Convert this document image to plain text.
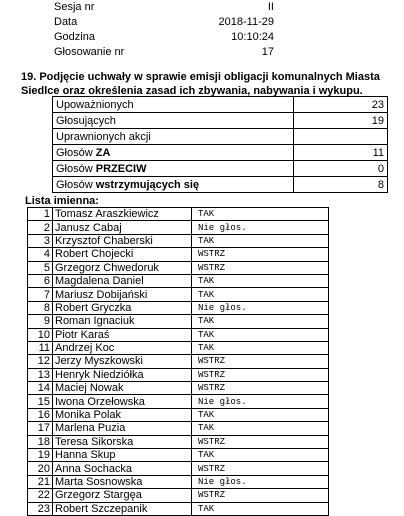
Sesja nr	II
Data	2018-11-29
Godzina	10:10:24
Głosowanie nr	17
19. Podjęcie uchwały w sprawie emisji obligacji komunalnych Miasta
Siedlce oraz określenia zasad ich zbywania, nabywania i wykupu.
Upoważnionych	23
Głosujących	19
Uprawnionych akcji	
Głosów ZA	11
Głosów PRZECIW	0
Głosów wstrzymujących się	8
Lista imienna:
1	Tomasz Araszkiewicz	TAK
2	Janusz Cabaj	Nie głos.
3	Krzysztof Chaberski	TAK
4	Robert Chojecki	WSTRZ
5	Grzegorz Chwedoruk	WSTRZ
6	Magdalena Daniel	TAK
7	Mariusz Dobijański	TAK
8	Robert Gryczka	Nie głos.
9	Roman Ignaciuk	TAK
10	Piotr Karaś	TAK
11	Andrzej Koc	TAK
12	Jerzy Myszkowski	WSTRZ
13	Henryk Niedziółka	WSTRZ
14	Maciej Nowak	WSTRZ
15	Iwona Orzełowska	Nie głos.
16	Monika Polak	TAK
17	Marlena Puzia	TAK
18	Teresa Sikorska	WSTRZ
19	Hanna Skup	TAK
20	Anna Sochacka	WSTRZ
21	Marta Sosnowska	Nie głos.
22	Grzegorz Stargęa	WSTRZ
23	Robert Szczepanik	TAK
